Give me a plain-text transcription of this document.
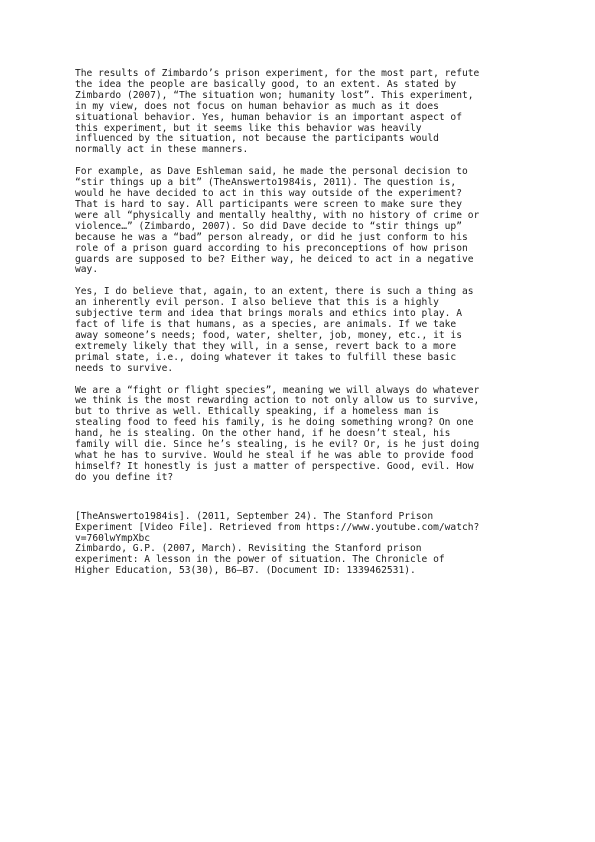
The results of Zimbardo’s prison experiment, for the most part, refute
the idea the people are basically good, to an extent. As stated by
Zimbardo (2007), “The situation won; humanity lost”. This experiment,
in my view, does not focus on human behavior as much as it does
situational behavior. Yes, human behavior is an important aspect of
this experiment, but it seems like this behavior was heavily
influenced by the situation, not because the participants would
normally act in these manners.

For example, as Dave Eshleman said, he made the personal decision to
“stir things up a bit” (TheAnswerto1984is, 2011). The question is,
would he have decided to act in this way outside of the experiment?
That is hard to say. All participants were screen to make sure they
were all “physically and mentally healthy, with no history of crime or
violence…” (Zimbardo, 2007). So did Dave decide to “stir things up”
because he was a “bad” person already, or did he just conform to his
role of a prison guard according to his preconceptions of how prison
guards are supposed to be? Either way, he deiced to act in a negative
way.

Yes, I do believe that, again, to an extent, there is such a thing as
an inherently evil person. I also believe that this is a highly
subjective term and idea that brings morals and ethics into play. A
fact of life is that humans, as a species, are animals. If we take
away someone’s needs; food, water, shelter, job, money, etc., it is
extremely likely that they will, in a sense, revert back to a more
primal state, i.e., doing whatever it takes to fulfill these basic
needs to survive.

We are a “fight or flight species”, meaning we will always do whatever
we think is the most rewarding action to not only allow us to survive,
but to thrive as well. Ethically speaking, if a homeless man is
stealing food to feed his family, is he doing something wrong? On one
hand, he is stealing. On the other hand, if he doesn’t steal, his
family will die. Since he’s stealing, is he evil? Or, is he just doing
what he has to survive. Would he steal if he was able to provide food
himself? It honestly is just a matter of perspective. Good, evil. How
do you define it?

[TheAnswerto1984is]. (2011, September 24). The Stanford Prison
Experiment [Video File]. Retrieved from https://www.youtube.com/watch?
v=760lwYmpXbc

Zimbardo, G.P. (2007, March). Revisiting the Stanford prison
experiment: A lesson in the power of situation. The Chronicle of
Higher Education, 53(30), B6–B7. (Document ID: 1339462531).
